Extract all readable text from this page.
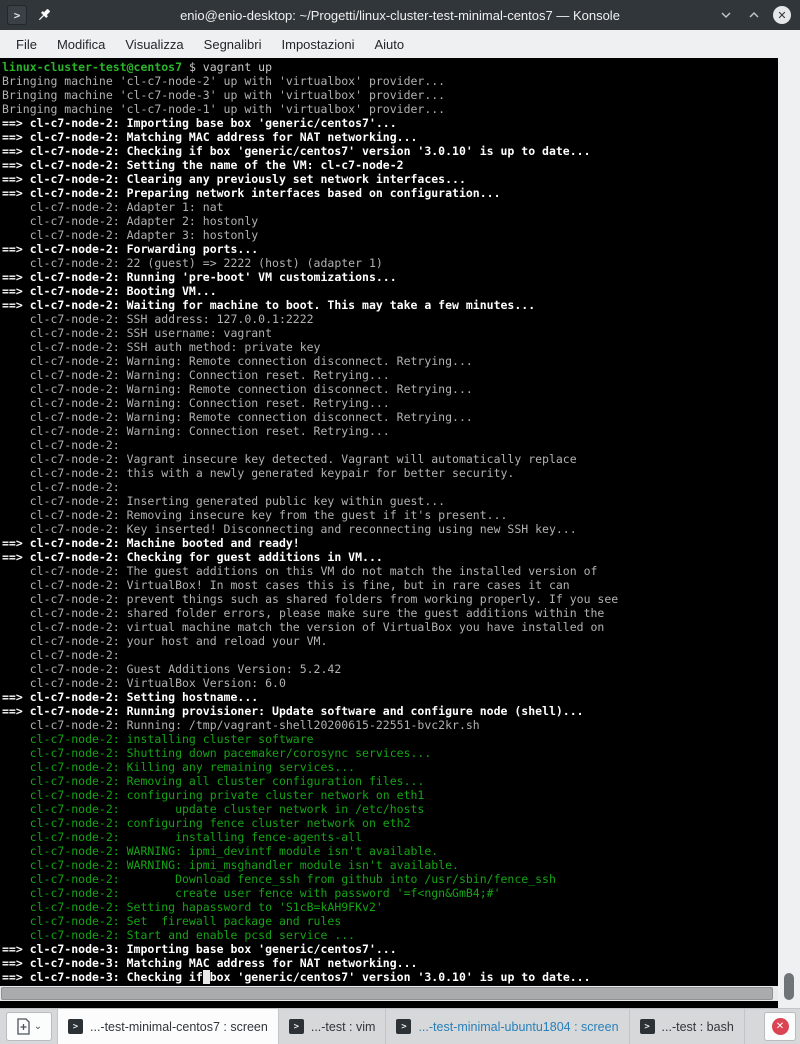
>	enio@enio-desktop: ~/Progetti/linux-cluster-test-minimal-centos7 — Konsole	✕
File	Modifica	Visualizza	Segnalibri	Impostazioni	Aiuto
linux-cluster-test@centos7 $ vagrant up
Bringing machine 'cl-c7-node-2' up with 'virtualbox' provider...
Bringing machine 'cl-c7-node-3' up with 'virtualbox' provider...
Bringing machine 'cl-c7-node-1' up with 'virtualbox' provider...
==> cl-c7-node-2: Importing base box 'generic/centos7'...
==> cl-c7-node-2: Matching MAC address for NAT networking...
==> cl-c7-node-2: Checking if box 'generic/centos7' version '3.0.10' is up to date...
==> cl-c7-node-2: Setting the name of the VM: cl-c7-node-2
==> cl-c7-node-2: Clearing any previously set network interfaces...
==> cl-c7-node-2: Preparing network interfaces based on configuration...
cl-c7-node-2: Adapter 1: nat
cl-c7-node-2: Adapter 2: hostonly
cl-c7-node-2: Adapter 3: hostonly
==> cl-c7-node-2: Forwarding ports...
cl-c7-node-2: 22 (guest) => 2222 (host) (adapter 1)
==> cl-c7-node-2: Running 'pre-boot' VM customizations...
==> cl-c7-node-2: Booting VM...
==> cl-c7-node-2: Waiting for machine to boot. This may take a few minutes...
cl-c7-node-2: SSH address: 127.0.0.1:2222
cl-c7-node-2: SSH username: vagrant
cl-c7-node-2: SSH auth method: private key
cl-c7-node-2: Warning: Remote connection disconnect. Retrying...
cl-c7-node-2: Warning: Connection reset. Retrying...
cl-c7-node-2: Warning: Remote connection disconnect. Retrying...
cl-c7-node-2: Warning: Connection reset. Retrying...
cl-c7-node-2: Warning: Remote connection disconnect. Retrying...
cl-c7-node-2: Warning: Connection reset. Retrying...
cl-c7-node-2:
cl-c7-node-2: Vagrant insecure key detected. Vagrant will automatically replace
cl-c7-node-2: this with a newly generated keypair for better security.
cl-c7-node-2:
cl-c7-node-2: Inserting generated public key within guest...
cl-c7-node-2: Removing insecure key from the guest if it's present...
cl-c7-node-2: Key inserted! Disconnecting and reconnecting using new SSH key...
==> cl-c7-node-2: Machine booted and ready!
==> cl-c7-node-2: Checking for guest additions in VM...
cl-c7-node-2: The guest additions on this VM do not match the installed version of
cl-c7-node-2: VirtualBox! In most cases this is fine, but in rare cases it can
cl-c7-node-2: prevent things such as shared folders from working properly. If you see
cl-c7-node-2: shared folder errors, please make sure the guest additions within the
cl-c7-node-2: virtual machine match the version of VirtualBox you have installed on
cl-c7-node-2: your host and reload your VM.
cl-c7-node-2:
cl-c7-node-2: Guest Additions Version: 5.2.42
cl-c7-node-2: VirtualBox Version: 6.0
==> cl-c7-node-2: Setting hostname...
==> cl-c7-node-2: Running provisioner: Update software and configure node (shell)...
cl-c7-node-2: Running: /tmp/vagrant-shell20200615-22551-bvc2kr.sh
cl-c7-node-2: installing cluster software
cl-c7-node-2: Shutting down pacemaker/corosync services...
cl-c7-node-2: Killing any remaining services...
cl-c7-node-2: Removing all cluster configuration files...
cl-c7-node-2: configuring private cluster network on eth1
cl-c7-node-2:        update cluster network in /etc/hosts
cl-c7-node-2: configuring fence cluster network on eth2
cl-c7-node-2:        installing fence-agents-all
cl-c7-node-2: WARNING: ipmi_devintf module isn't available.
cl-c7-node-2: WARNING: ipmi_msghandler module isn't available.
cl-c7-node-2:        Download fence_ssh from github into /usr/sbin/fence_ssh
cl-c7-node-2:        create user fence with password '=f<ngn&GmB4;#'
cl-c7-node-2: Setting hapassword to 'S1cB=kAH9FKv2'
cl-c7-node-2: Set  firewall package and rules
cl-c7-node-2: Start and enable pcsd service ...
==> cl-c7-node-3: Importing base box 'generic/centos7'...
==> cl-c7-node-3: Matching MAC address for NAT networking...
==> cl-c7-node-3: Checking if box 'generic/centos7' version '3.0.10' is up to date...
⌄	> ...-test-minimal-centos7 : screen	> ...-test : vim	> ...-test-minimal-ubuntu1804 : screen	> ...-test : bash	✕
